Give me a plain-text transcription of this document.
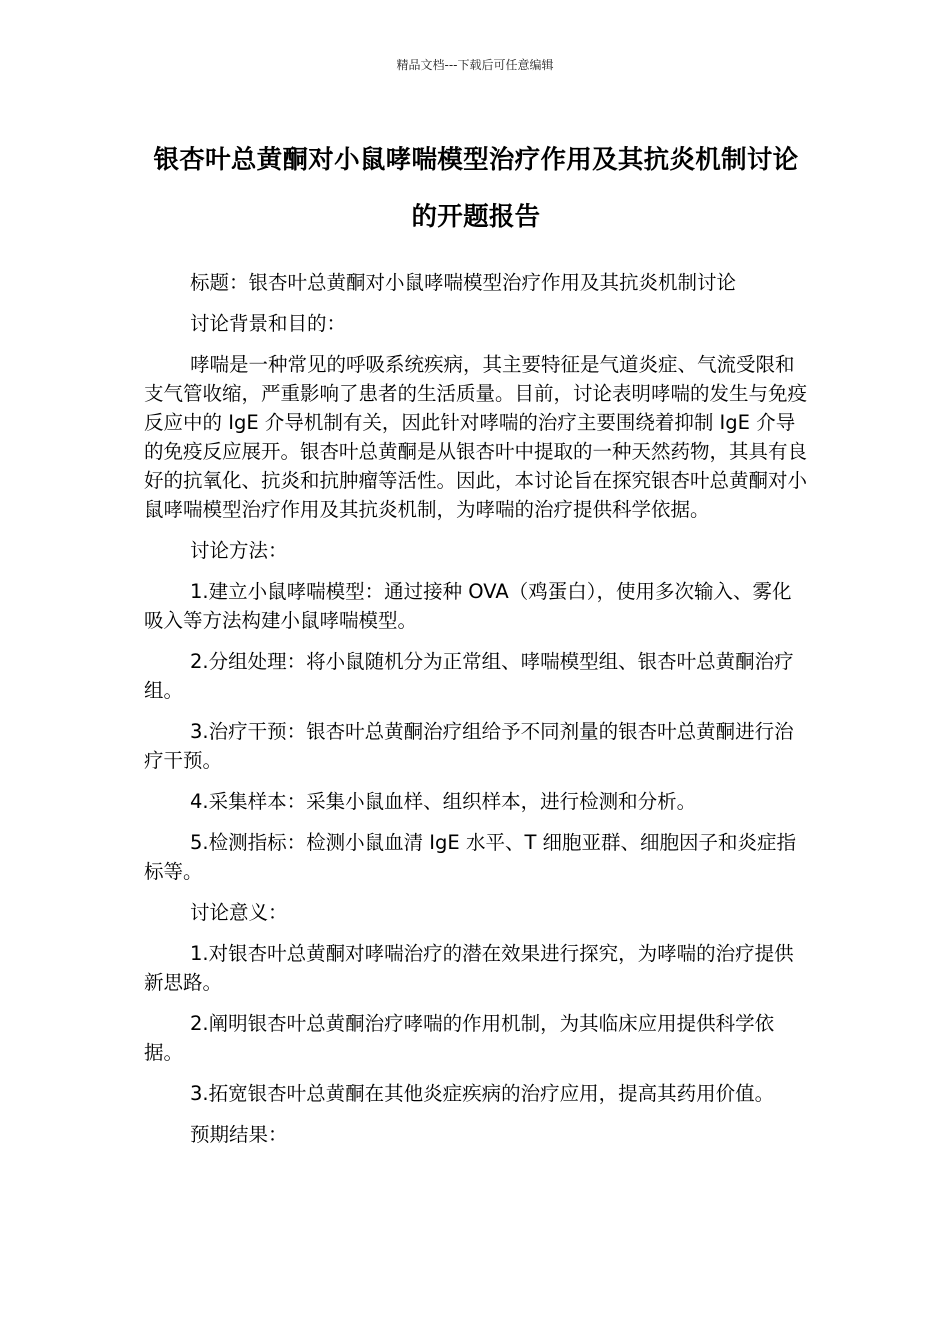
精品文档---下载后可任意编辑
银杏叶总黄酮对小鼠哮喘模型治疗作用及其抗炎机制讨论的开题报告

标题：银杏叶总黄酮对小鼠哮喘模型治疗作用及其抗炎机制讨论

讨论背景和目的：

哮喘是一种常见的呼吸系统疾病，其主要特征是气道炎症、气流受限和支气管收缩，严重影响了患者的生活质量。目前，讨论表明哮喘的发生与免疫反应中的 IgE 介导机制有关，因此针对哮喘的治疗主要围绕着抑制 IgE 介导的免疫反应展开。银杏叶总黄酮是从银杏叶中提取的一种天然药物，其具有良好的抗氧化、抗炎和抗肿瘤等活性。因此，本讨论旨在探究银杏叶总黄酮对小鼠哮喘模型治疗作用及其抗炎机制，为哮喘的治疗提供科学依据。

讨论方法：

1.建立小鼠哮喘模型：通过接种 OVA（鸡蛋白），使用多次输入、雾化吸入等方法构建小鼠哮喘模型。

2.分组处理：将小鼠随机分为正常组、哮喘模型组、银杏叶总黄酮治疗组。

3.治疗干预：银杏叶总黄酮治疗组给予不同剂量的银杏叶总黄酮进行治疗干预。

4.采集样本：采集小鼠血样、组织样本，进行检测和分析。

5.检测指标：检测小鼠血清 IgE 水平、T 细胞亚群、细胞因子和炎症指标等。

讨论意义：

1.对银杏叶总黄酮对哮喘治疗的潜在效果进行探究，为哮喘的治疗提供新思路。

2.阐明银杏叶总黄酮治疗哮喘的作用机制，为其临床应用提供科学依据。

3.拓宽银杏叶总黄酮在其他炎症疾病的治疗应用，提高其药用价值。

预期结果：
